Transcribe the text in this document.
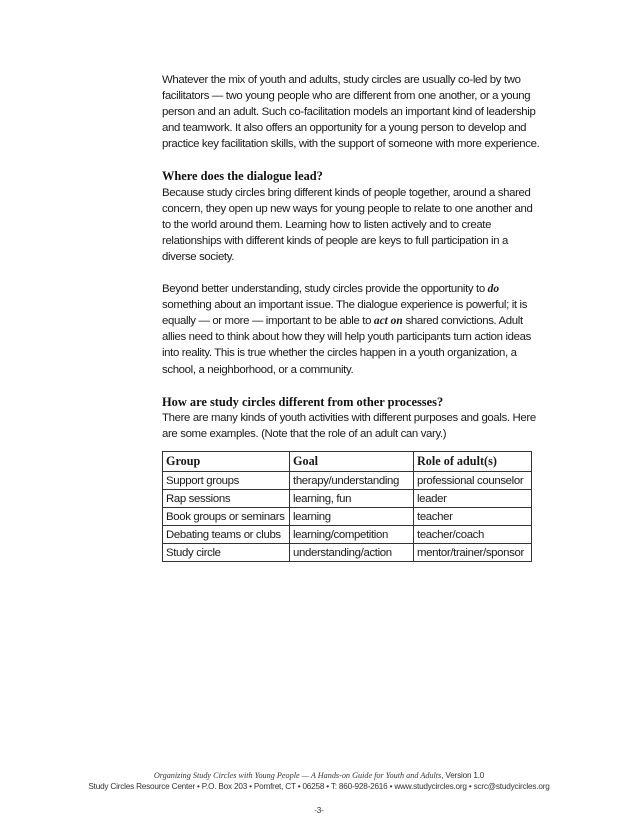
Whatever the mix of youth and adults, study circles are usually co-led by two facilitators — two young people who are different from one another, or a young person and an adult. Such co-facilitation models an important kind of leadership and teamwork. It also offers an opportunity for a young person to develop and practice key facilitation skills, with the support of someone with more experience.

Where does the dialogue lead?
Because study circles bring different kinds of people together, around a shared concern, they open up new ways for young people to relate to one another and to the world around them. Learning how to listen actively and to create relationships with different kinds of people are keys to full participation in a diverse society.

Beyond better understanding, study circles provide the opportunity to do something about an important issue. The dialogue experience is powerful; it is equally — or more — important to be able to act on shared convictions. Adult allies need to think about how they will help youth participants turn action ideas into reality. This is true whether the circles happen in a youth organization, a school, a neighborhood, or a community.

How are study circles different from other processes?
There are many kinds of youth activities with different purposes and goals. Here are some examples. (Note that the role of an adult can vary.)

Group	Goal	Role of adult(s)
Support groups	therapy/understanding	professional counselor
Rap sessions	learning, fun	leader
Book groups or seminars	learning	teacher
Debating teams or clubs	learning/competition	teacher/coach
Study circle	understanding/action	mentor/trainer/sponsor
Organizing Study Circles with Young People — A Hands-on Guide for Youth and Adults, Version 1.0
Study Circles Resource Center • P.O. Box 203 • Pomfret, CT • 06258 • T: 860-928-2616 • www.studycircles.org • scrc@studycircles.org
-3-
